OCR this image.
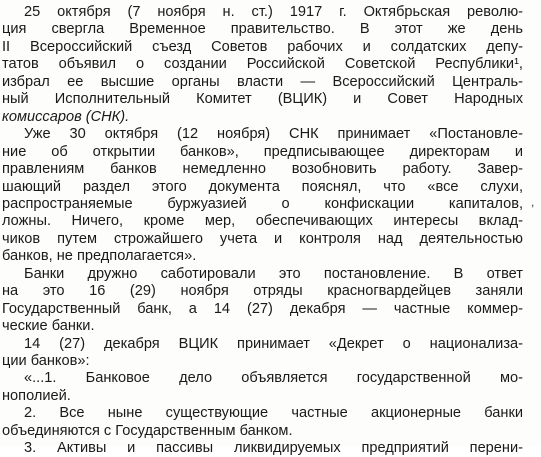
25 октября (7 ноября н. ст.) 1917 г. Октябрьская револю-
ция свергла Временное правительство. В этот же день
II Всероссийский съезд Советов рабочих и солдатских депу-
татов объявил о создании Российской Советской Республики¹,
избрал ее высшие органы власти — Всероссийский Централь-
ный Исполнительный Комитет (ВЦИК) и Совет Народных
комиссаров (СНК).
Уже 30 октября (12 ноября) СНК принимает «Постановле-
ние об открытии банков», предписывающее директорам и
правлениям банков немедленно возобновить работу. Завер-
шающий раздел этого документа пояснял, что «все слухи,
распространяемые буржуазией о конфискации капиталов,
ложны. Ничего, кроме мер, обеспечивающих интересы вклад-
чиков путем строжайшего учета и контроля над деятельностью
банков, не предполагается».
Банки дружно саботировали это постановление. В ответ
на это 16 (29) ноября отряды красногвардейцев заняли
Государственный банк, а 14 (27) декабря — частные коммер-
ческие банки.
14 (27) декабря ВЦИК принимает «Декрет о национализа-
ции банков»:
«...1. Банковое дело объявляется государственной мо-
нополией.
2. Все ныне существующие частные акционерные банки
объединяются с Государственным банком.
3. Активы и пассивы ликвидируемых предприятий перени-
,
